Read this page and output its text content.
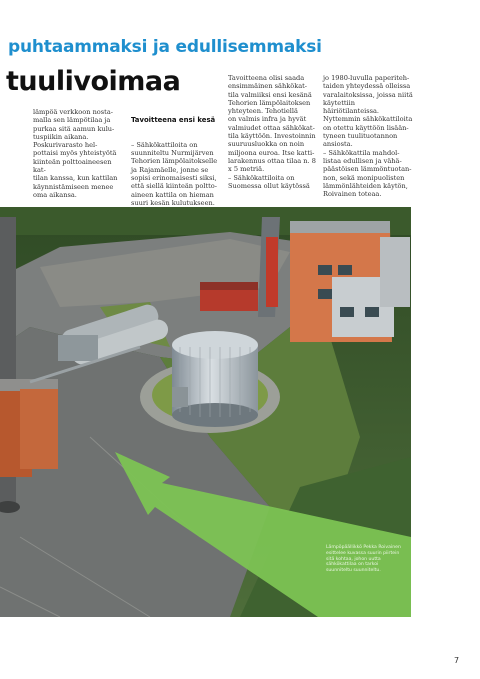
puhtaammaksi ja edullisemmaksi
tuulivoimaa
lämpöä verkkoon nosta-
malla sen lämpötilaa ja
purkaa sitä aamun kulu-
tuspiikin aikana.
Poskurivarasto hel-
pottaisi myös yhteistyötä
kiinteän polttoaineesen kat-
tilan kanssa, kun kattilan
käynnistämiseen menee
oma aikansa.

Tavoitteena ensi kesä

– Sähkökattiloita on
suunniteltu Nurmijärven
Tehorien lämpölaitokselle
ja Rajamäelle, jonne se
sopisi erinomaisesti siksi,
että siellä kiinteän poltto-
aineen kattila on hieman
suuri kesän kulutukseen.

Tavoitteena olisi saada
ensimmäinen sähkökat-
tila valmiiksi ensi kesänä
Tehorien lämpölaitoksen
yhteyteen. Tehotiellä
on valmis infra ja hyvät
valmiudet ottaa sähkökat-
tila käyttöön. Investoinnin
suuruusluokka on noin
miljoona euroa. Itse katti-
larakennus ottaa tilaa n. 8
x 5 metriä.
– Sähkökattiloita on
Suomessa ollut käytössä
jo 1980-luvulla paperiteh-
taiden yhteydessä olleissa
varalaitoksissa, joissa niitä
käytettiin häiriötilanteissa.
Nyttemmin sähkökattiloita
on otettu käyttöön lisään-
tyneen tuulituotannon
ansiosta.
– Sähkökattila mahdol-
listaa edullisen ja vähä-
päästöisen lämmöntuotan-
non, sekä monipuolisten
lämmönlähteiden käytön,
Roivainen toteaa.
Lämpöpäällikkö Pekka Roivainen
esittelee kuvassa suurin piirtein
sitä kohtaa, johon uutta
sähkökattilaa on tarkoi
suunniteltu suunniteltu.
7
